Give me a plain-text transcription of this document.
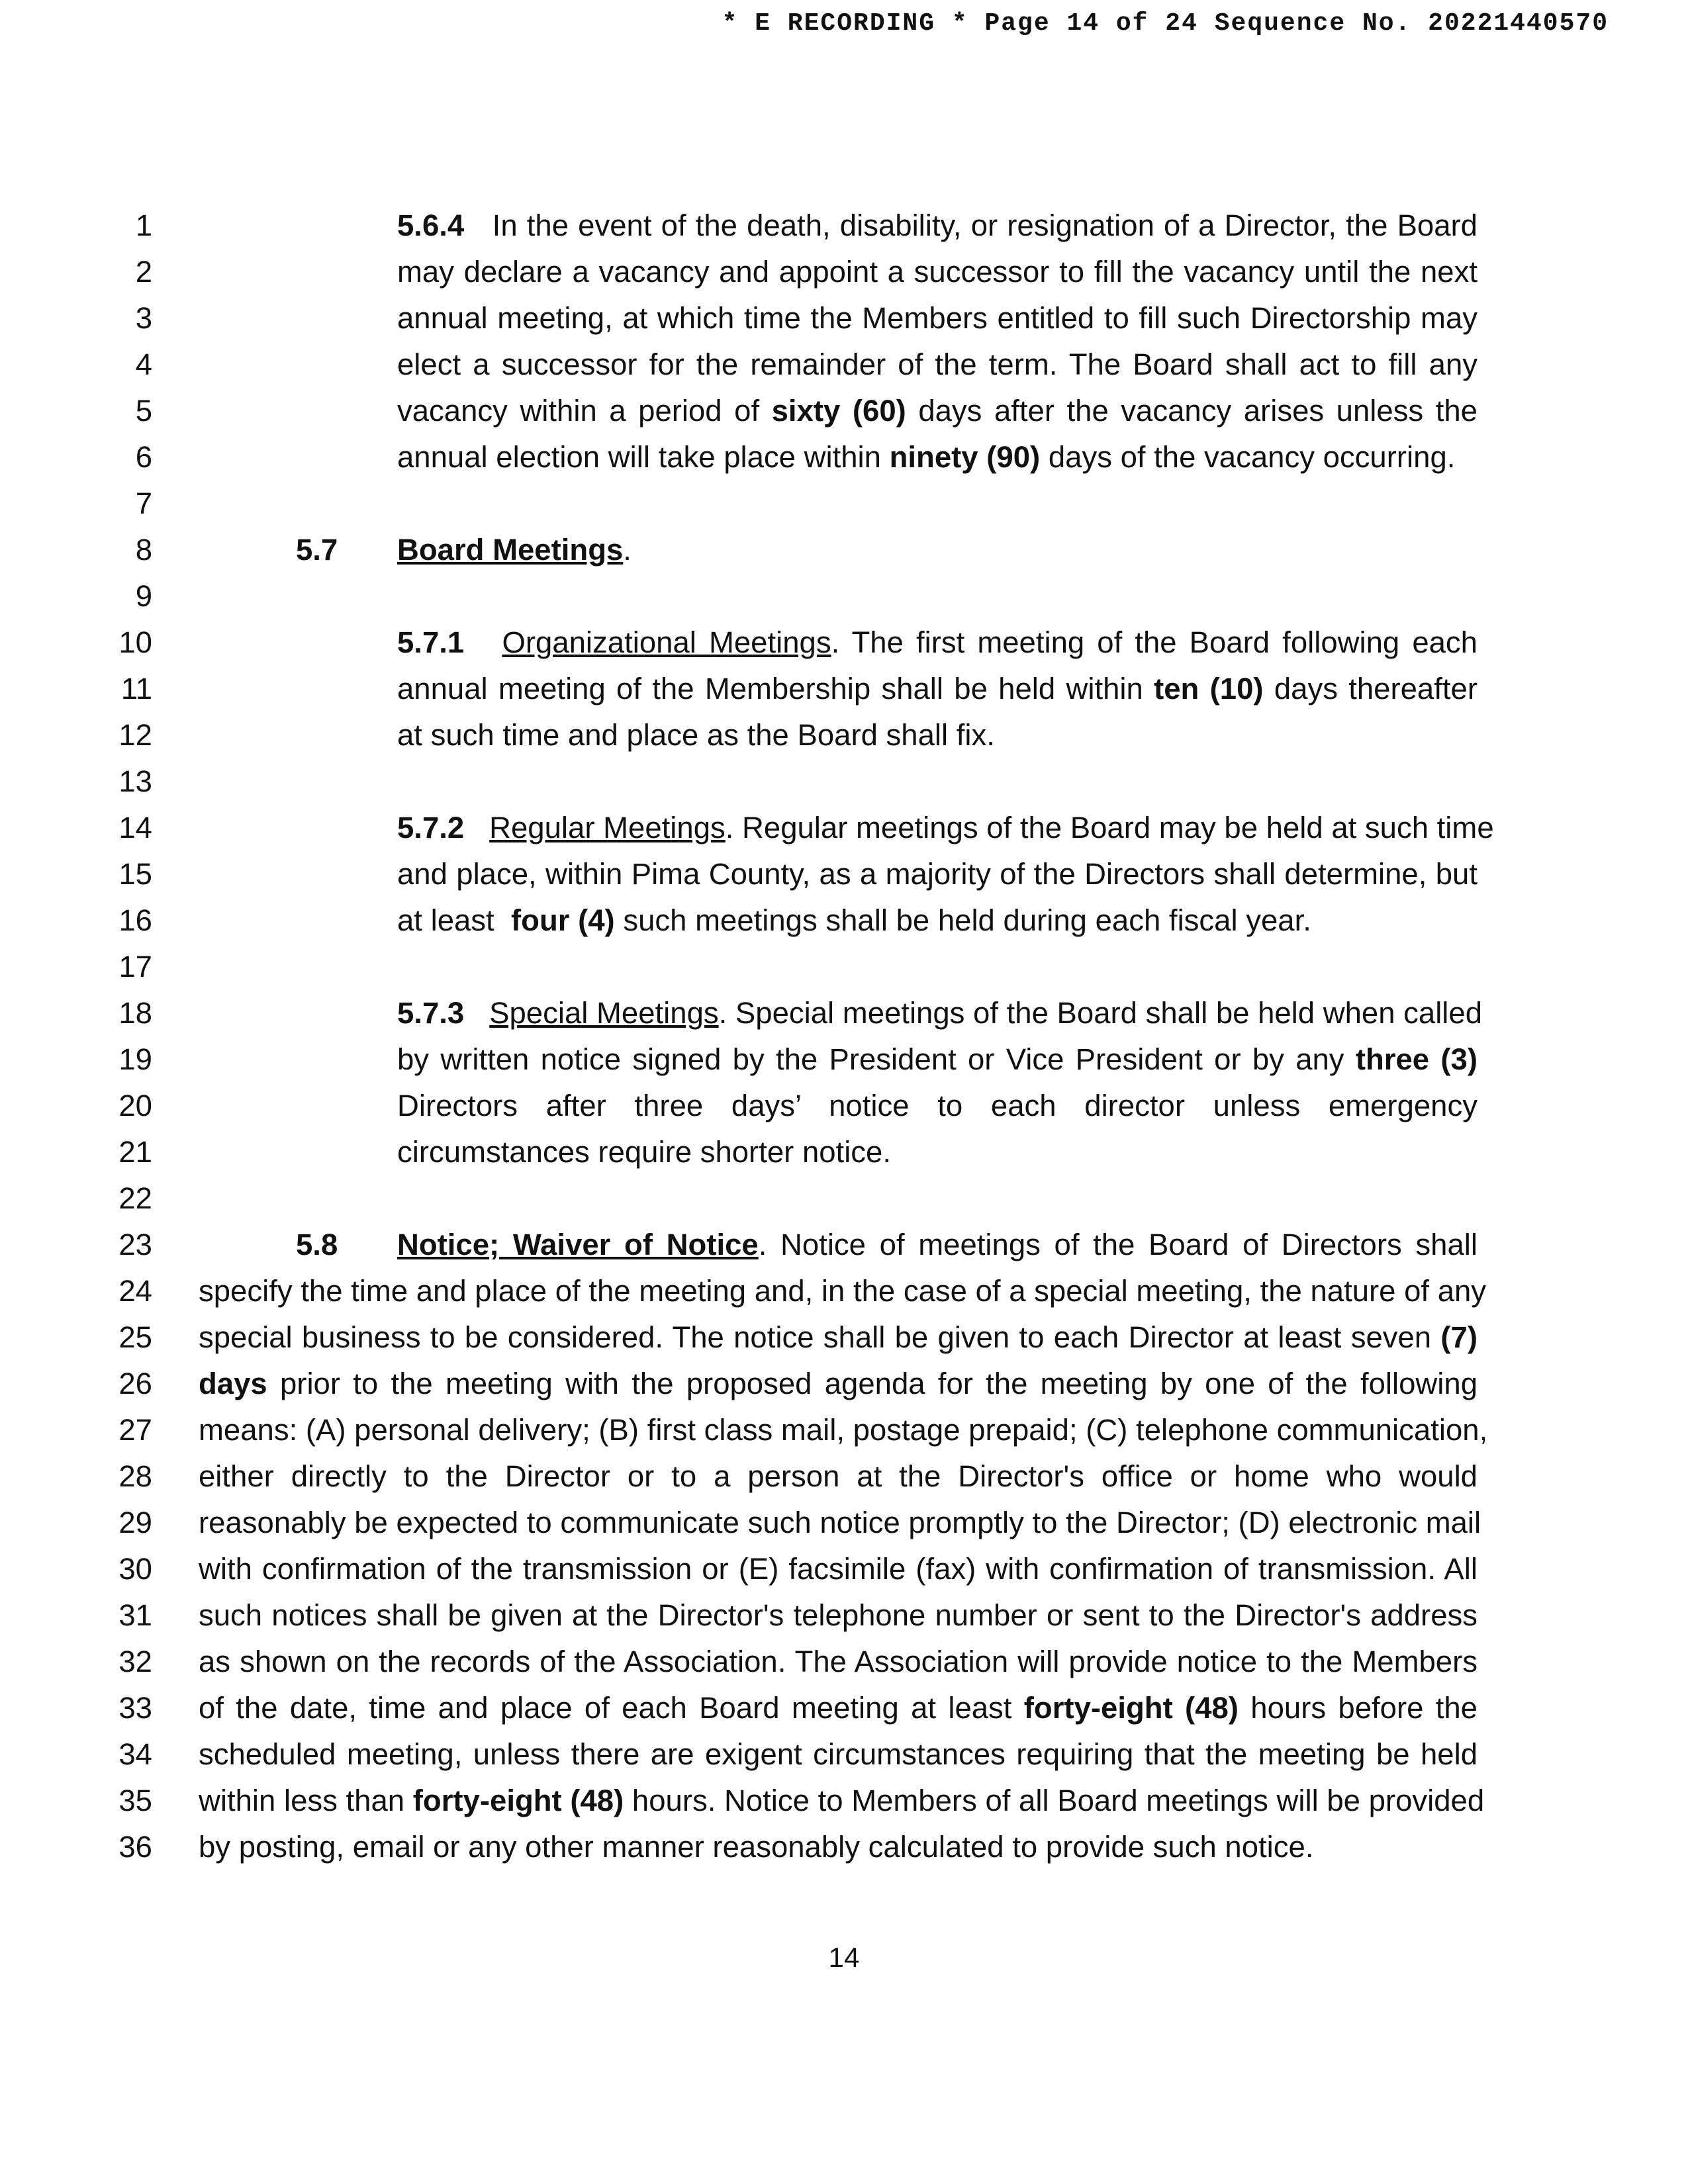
* E RECORDING * Page 14 of 24 Sequence No. 20221440570
1	5.6.4 In the event of the death, disability, or resignation of a Director, the Board
2	may declare a vacancy and appoint a successor to fill the vacancy until the next
3	annual meeting, at which time the Members entitled to fill such Directorship may
4	elect a successor for the remainder of the term. The Board shall act to fill any
5	vacancy within a period of sixty (60) days after the vacancy arises unless the
6	annual election will take place within ninety (90) days of the vacancy occurring.
7
8	5.7 Board Meetings.
9
10	5.7.1 Organizational Meetings. The first meeting of the Board following each
11	annual meeting of the Membership shall be held within ten (10) days thereafter
12	at such time and place as the Board shall fix.
13
14	5.7.2 Regular Meetings. Regular meetings of the Board may be held at such time
15	and place, within Pima County, as a majority of the Directors shall determine, but
16	at least four (4) such meetings shall be held during each fiscal year.
17
18	5.7.3 Special Meetings. Special meetings of the Board shall be held when called
19	by written notice signed by the President or Vice President or by any three (3)
20	Directors after three days’ notice to each director unless emergency
21	circumstances require shorter notice.
22
23	5.8 Notice; Waiver of Notice. Notice of meetings of the Board of Directors shall
24 specify the time and place of the meeting and, in the case of a special meeting, the nature of any
25 special business to be considered. The notice shall be given to each Director at least seven (7)
26 days prior to the meeting with the proposed agenda for the meeting by one of the following
27 means: (A) personal delivery; (B) first class mail, postage prepaid; (C) telephone communication,
28 either directly to the Director or to a person at the Director's office or home who would
29 reasonably be expected to communicate such notice promptly to the Director; (D) electronic mail
30 with confirmation of the transmission or (E) facsimile (fax) with confirmation of transmission. All
31 such notices shall be given at the Director's telephone number or sent to the Director's address
32 as shown on the records of the Association. The Association will provide notice to the Members
33 of the date, time and place of each Board meeting at least forty-eight (48) hours before the
34 scheduled meeting, unless there are exigent circumstances requiring that the meeting be held
35 within less than forty-eight (48) hours. Notice to Members of all Board meetings will be provided
36 by posting, email or any other manner reasonably calculated to provide such notice.
14
